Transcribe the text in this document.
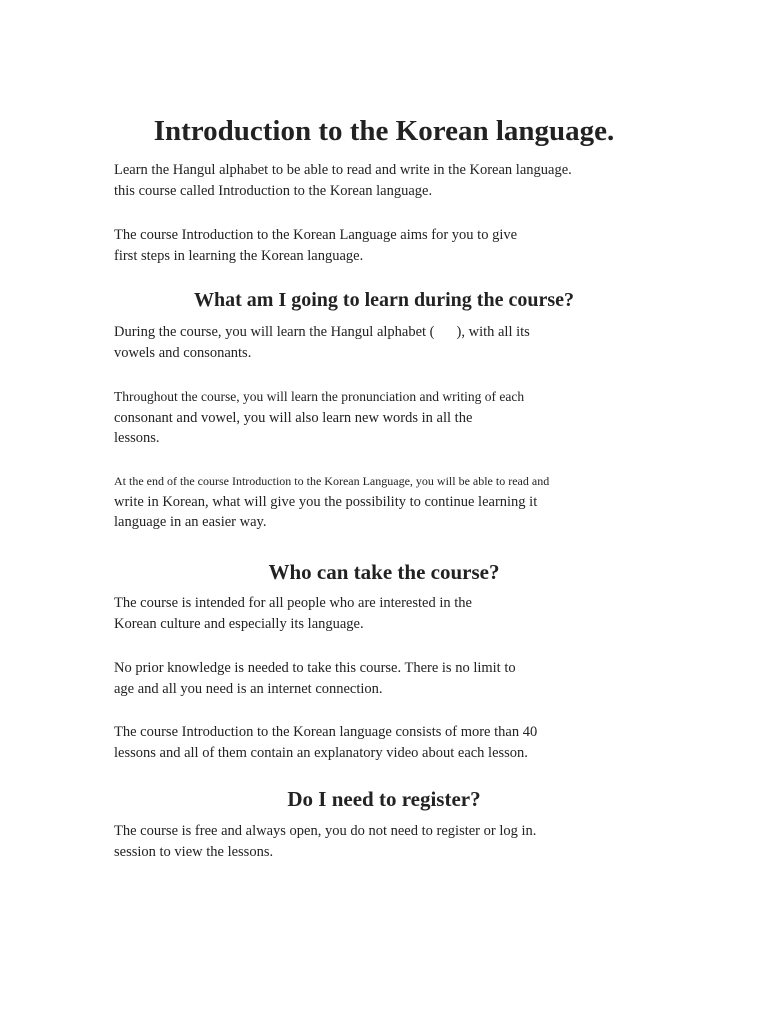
Introduction to the Korean language.

Learn the Hangul alphabet to be able to read and write in the Korean language.
this course called Introduction to the Korean language.

The course Introduction to the Korean Language aims for you to give
first steps in learning the Korean language.

What am I going to learn during the course?

During the course, you will learn the Hangul alphabet ( ), with all its
vowels and consonants.

Throughout the course, you will learn the pronunciation and writing of each
consonant and vowel, you will also learn new words in all the
lessons.

At the end of the course Introduction to the Korean Language, you will be able to read and
write in Korean, what will give you the possibility to continue learning it
language in an easier way.

Who can take the course?

The course is intended for all people who are interested in the
Korean culture and especially its language.

No prior knowledge is needed to take this course. There is no limit to
age and all you need is an internet connection.

The course Introduction to the Korean language consists of more than 40
lessons and all of them contain an explanatory video about each lesson.

Do I need to register?

The course is free and always open, you do not need to register or log in.
session to view the lessons.
